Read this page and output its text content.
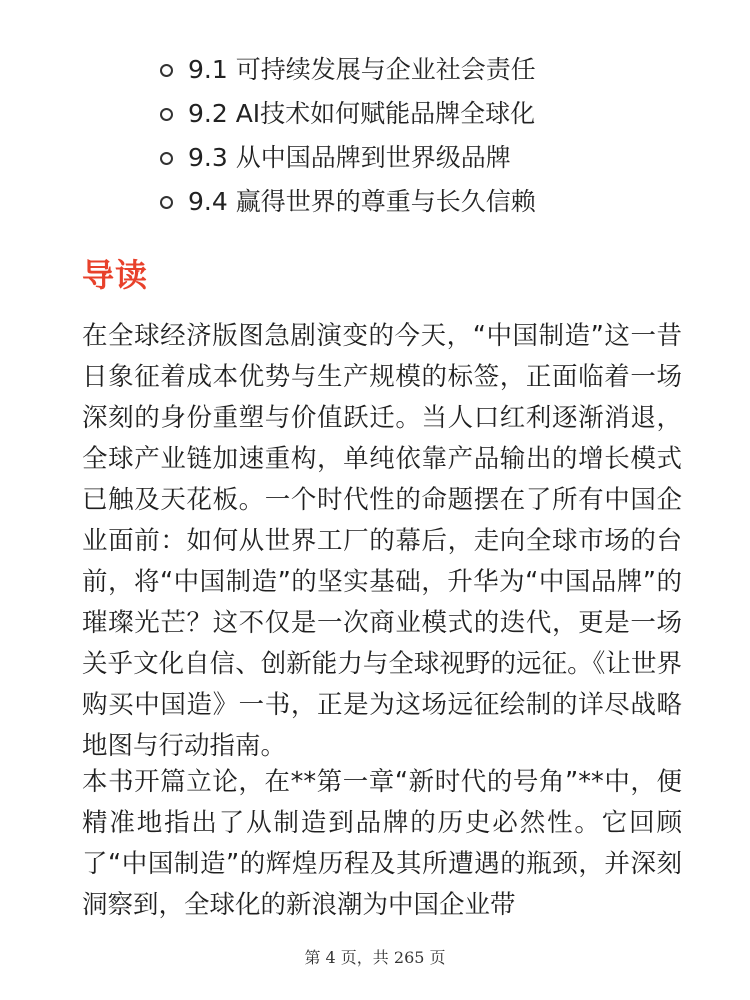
9.1 可持续发展与企业社会责任
9.2 AI技术如何赋能品牌全球化
9.3 从中国品牌到世界级品牌
9.4 赢得世界的尊重与长久信赖
导读

在全球经济版图急剧演变的今天，“中国制造”这一昔日象征着成本优势与生产规模的标签，正面临着一场深刻的身份重塑与价值跃迁。当人口红利逐渐消退，全球产业链加速重构，单纯依靠产品输出的增长模式已触及天花板。一个时代性的命题摆在了所有中国企业面前：如何从世界工厂的幕后，走向全球市场的台前，将“中国制造”的坚实基础，升华为“中国品牌”的璀璨光芒？这不仅是一次商业模式的迭代，更是一场关乎文化自信、创新能力与全球视野的远征。《让世界购买中国造》一书，正是为这场远征绘制的详尽战略地图与行动指南。

本书开篇立论，在**第一章“新时代的号角”**中，便精准地指出了从制造到品牌的历史必然性。它回顾了“中国制造”的辉煌历程及其所遭遇的瓶颈，并深刻洞察到，全球化的新浪潮为中国企业带

第 4 页，共 265 页
